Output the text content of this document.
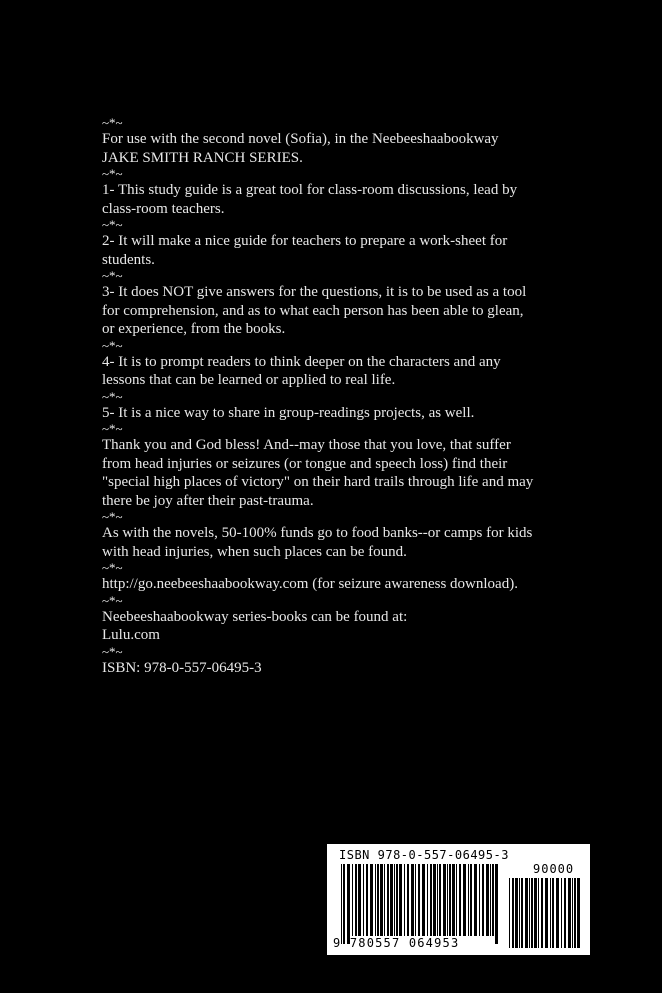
~*~
For use with the second novel (Sofia), in the Neebeeshaabookway
JAKE SMITH RANCH SERIES.
~*~
1- This study guide is a great tool for class-room discussions, lead by
class-room teachers.
~*~
2- It will make a nice guide for teachers to prepare a work-sheet for
students.
~*~
3- It does NOT give answers for the questions, it is to be used as a tool
for comprehension, and as to what each person has been able to glean,
or experience, from the books.
~*~
4- It is to prompt readers to think deeper on the characters and any
lessons that can be learned or applied to real life.
~*~
5- It is a nice way to share in group-readings projects, as well.
~*~
Thank you and God bless! And--may those that you love, that suffer
from head injuries or seizures (or tongue and speech loss) find their
"special high places of victory" on their hard trails through life and may
there be joy after their past-trauma.
~*~
As with the novels, 50-100% funds go to food banks--or camps for kids
with head injuries, when such places can be found.
~*~
http://go.neebeeshaabookway.com (for seizure awareness download).
~*~
Neebeeshaabookway series-books can be found at:
Lulu.com
~*~
ISBN: 978-0-557-06495-3
ISBN 978-0-557-06495-3
90000
9 780557 064953
